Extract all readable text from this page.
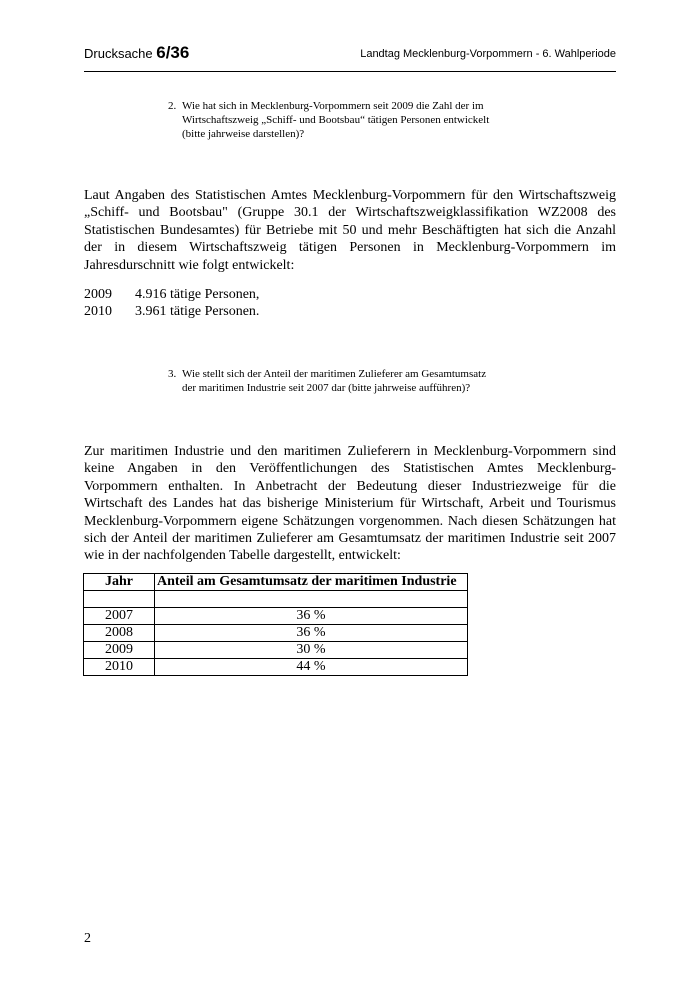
Drucksache 6/36	Landtag Mecklenburg-Vorpommern - 6. Wahlperiode
2. Wie hat sich in Mecklenburg-Vorpommern seit 2009 die Zahl der im
Wirtschaftszweig „Schiff- und Bootsbau“ tätigen Personen entwickelt
(bitte jahrweise darstellen)?
Laut Angaben des Statistischen Amtes Mecklenburg-Vorpommern für den Wirtschaftszweig
„Schiff- und Bootsbau" (Gruppe 30.1 der Wirtschaftszweigklassifikation WZ2008 des
Statistischen Bundesamtes) für Betriebe mit 50 und mehr Beschäftigten hat sich die Anzahl
der in diesem Wirtschaftszweig tätigen Personen in Mecklenburg-Vorpommern im
Jahresdurschnitt wie folgt entwickelt:
2009 4.916 tätige Personen,
2010 3.961 tätige Personen.
3. Wie stellt sich der Anteil der maritimen Zulieferer am Gesamtumsatz
der maritimen Industrie seit 2007 dar (bitte jahrweise aufführen)?
Zur maritimen Industrie und den maritimen Zulieferern in Mecklenburg-Vorpommern sind
keine Angaben in den Veröffentlichungen des Statistischen Amtes Mecklenburg-
Vorpommern enthalten. In Anbetracht der Bedeutung dieser Industriezweige für die
Wirtschaft des Landes hat das bisherige Ministerium für Wirtschaft, Arbeit und Tourismus
Mecklenburg-Vorpommern eigene Schätzungen vorgenommen. Nach diesen Schätzungen hat
sich der Anteil der maritimen Zulieferer am Gesamtumsatz der maritimen Industrie seit 2007
wie in der nachfolgenden Tabelle dargestellt, entwickelt:
Jahr	Anteil am Gesamtumsatz der maritimen Industrie

2007	36 %
2008	36 %
2009	30 %
2010	44 %
2
